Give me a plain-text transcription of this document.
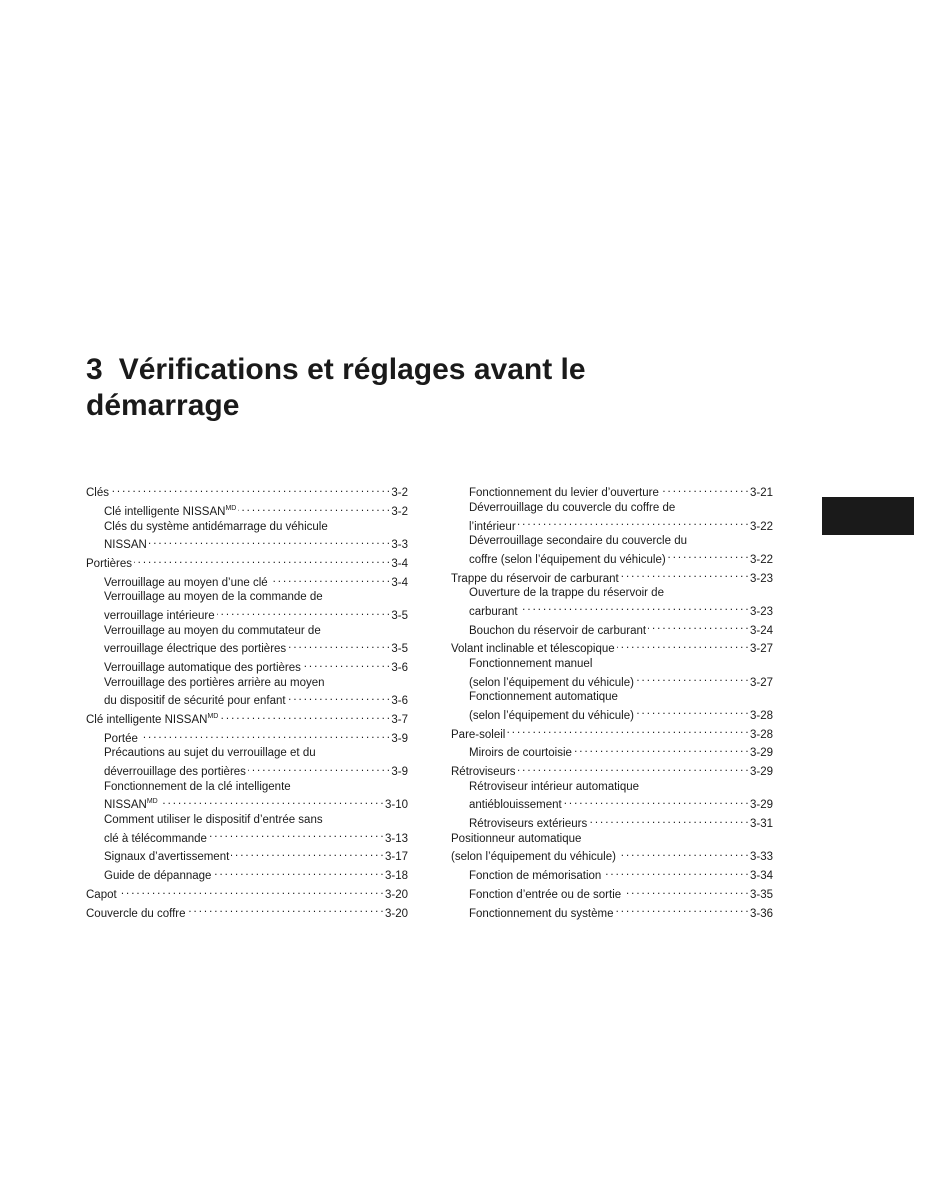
3 Vérifications et réglages avant le
démarrage
Clés . . .	3-2
Clé intelligente $NISSAN^{MD}$ . . .	3-2
Clés du système antidémarrage du véhicule
NISSAN . . .	3-3
Portières . . .	3-4
Verrouillage au moyen d’une clé . . .	3-4
Verrouillage au moyen de la commande de
verrouillage intérieure . . .	3-5
Verrouillage au moyen du commutateur de
verrouillage électrique des portières . . .	3-5
Verrouillage automatique des portières . . .	3-6
Verrouillage des portières arrière au moyen
du dispositif de sécurité pour enfant . . .	3-6
Clé intelligente $NISSAN^{MD}$ . . .	3-7
Portée . . .	3-9
Précautions au sujet du verrouillage et du
déverrouillage des portières . . .	3-9
Fonctionnement de la clé intelligente
$NISSAN^{MD}$ . . .	3-10
Comment utiliser le dispositif d’entrée sans
clé à télécommande . . .	3-13
Signaux d’avertissement . . .	3-17
Guide de dépannage . . .	3-18
Capot . . .	3-20
Couvercle du coffre . . .	3-20
Fonctionnement du levier d’ouverture . . .	3-21
Déverrouillage du couvercle du coffre de
l’intérieur . . .	3-22
Déverrouillage secondaire du couvercle du
coffre (selon l’équipement du véhicule) . . .	3-22
Trappe du réservoir de carburant . . .	3-23
Ouverture de la trappe du réservoir de
carburant . . .	3-23
Bouchon du réservoir de carburant . . .	3-24
Volant inclinable et télescopique . . .	3-27
Fonctionnement manuel
(selon l’équipement du véhicule) . . .	3-27
Fonctionnement automatique
(selon l’équipement du véhicule) . . .	3-28
Pare-soleil . . .	3-28
Miroirs de courtoisie . . .	3-29
Rétroviseurs . . .	3-29
Rétroviseur intérieur automatique
antiéblouissement . . .	3-29
Rétroviseurs extérieurs . . .	3-31
Positionneur automatique
(selon l’équipement du véhicule) . . .	3-33
Fonction de mémorisation . . .	3-34
Fonction d’entrée ou de sortie . . .	3-35
Fonctionnement du système . . .	3-36
